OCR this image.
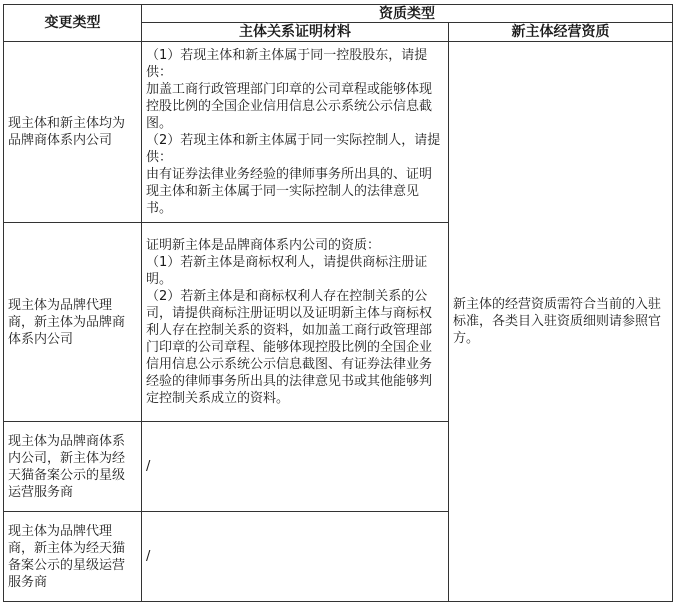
变更类型	资质类型	
	主体关系证明材料	新主体经营资质
现主体和新主体均为品牌商体系内公司	（1）若现主体和新主体属于同一控股股东，请提供：
加盖工商行政管理部门印章的公司章程或能够体现控股比例的全国企业信用信息公示系统公示信息截图。
（2）若现主体和新主体属于同一实际控制人，请提供：
由有证券法律业务经验的律师事务所出具的、证明现主体和新主体属于同一实际控制人的法律意见书。	新主体的经营资质需符合当前的入驻标准，各类目入驻资质细则请参照官方。
现主体为品牌代理商，新主体为品牌商体系内公司	证明新主体是品牌商体系内公司的资质：
（1）若新主体是商标权利人，请提供商标注册证明。
（2）若新主体是和商标权利人存在控制关系的公司，请提供商标注册证明以及证明新主体与商标权利人存在控制关系的资料，如加盖工商行政管理部门印章的公司章程、能够体现控股比例的全国企业信用信息公示系统公示信息截图、有证券法律业务经验的律师事务所出具的法律意见书或其他能够判定控制关系成立的资料。	

现主体为品牌商体系内公司，新主体为经天猫备案公示的星级运营服务商	/	
现主体为品牌代理商，新主体为经天猫备案公示的星级运营服务商	/	
